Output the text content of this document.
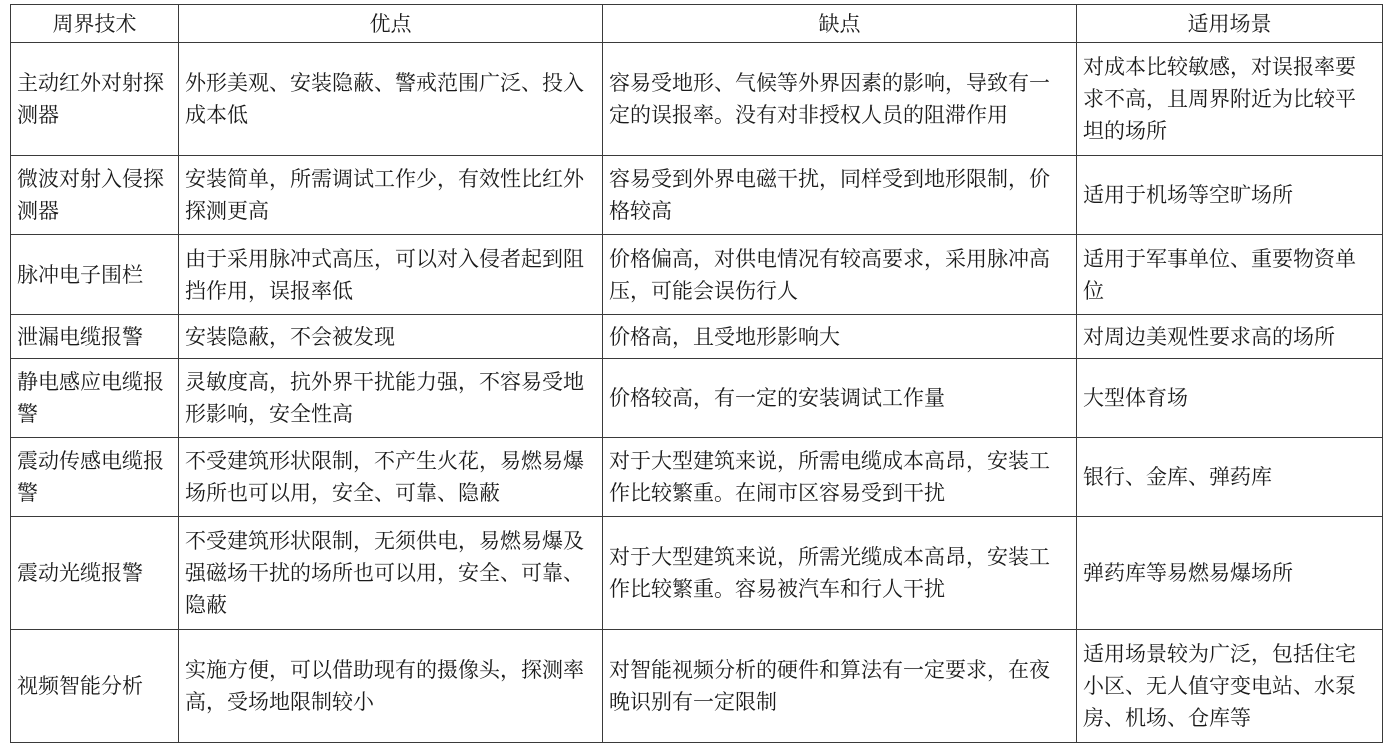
周界技术	优点	缺点	适用场景
主动红外对射探测器	外形美观、安装隐蔽、警戒范围广泛、投入成本低	容易受地形、气候等外界因素的影响，导致有一定的误报率。没有对非授权人员的阻滞作用	对成本比较敏感，对误报率要求不高，且周界附近为比较平坦的场所
微波对射入侵探测器	安装简单，所需调试工作少，有效性比红外探测更高	容易受到外界电磁干扰，同样受到地形限制，价格较高	适用于机场等空旷场所
脉冲电子围栏	由于采用脉冲式高压，可以对入侵者起到阻挡作用，误报率低	价格偏高，对供电情况有较高要求，采用脉冲高压，可能会误伤行人	适用于军事单位、重要物资单位
泄漏电缆报警	安装隐蔽，不会被发现	价格高，且受地形影响大	对周边美观性要求高的场所
静电感应电缆报警	灵敏度高，抗外界干扰能力强，不容易受地形影响，安全性高	价格较高，有一定的安装调试工作量	大型体育场
震动传感电缆报警	不受建筑形状限制，不产生火花，易燃易爆场所也可以用，安全、可靠、隐蔽	对于大型建筑来说，所需电缆成本高昂，安装工作比较繁重。在闹市区容易受到干扰	银行、金库、弹药库
震动光缆报警	不受建筑形状限制，无须供电，易燃易爆及强磁场干扰的场所也可以用，安全、可靠、隐蔽	对于大型建筑来说，所需光缆成本高昂，安装工作比较繁重。容易被汽车和行人干扰	弹药库等易燃易爆场所
视频智能分析	实施方便，可以借助现有的摄像头，探测率高，受场地限制较小	对智能视频分析的硬件和算法有一定要求，在夜晚识别有一定限制	适用场景较为广泛，包括住宅小区、无人值守变电站、水泵房、机场、仓库等
